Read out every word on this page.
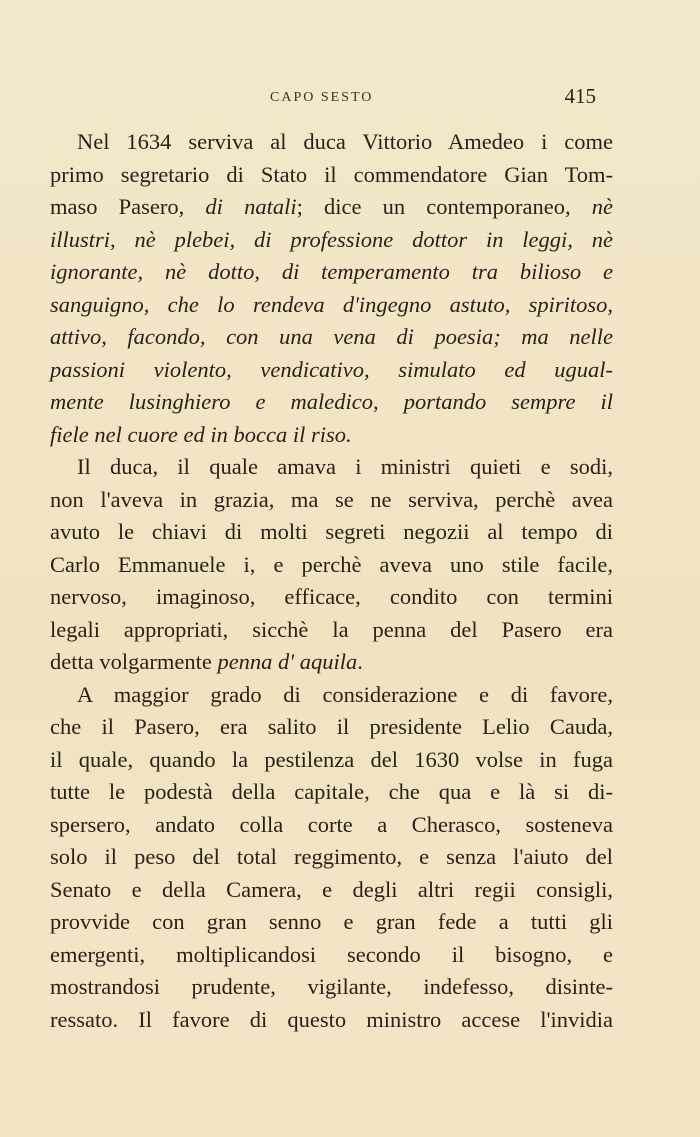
CAPO SESTO	415
Nel 1634 serviva al duca Vittorio Amedeo i come
primo segretario di Stato il commendatore Gian Tom-
maso Pasero, di natali; dice un contemporaneo, nè
illustri, nè plebei, di professione dottor in leggi, nè
ignorante, nè dotto, di temperamento tra bilioso e
sanguigno, che lo rendeva d'ingegno astuto, spiritoso,
attivo, facondo, con una vena di poesia; ma nelle
passioni violento, vendicativo, simulato ed ugual-
mente lusinghiero e maledico, portando sempre il
fiele nel cuore ed in bocca il riso.
Il duca, il quale amava i ministri quieti e sodi,
non l'aveva in grazia, ma se ne serviva, perchè avea
avuto le chiavi di molti segreti negozii al tempo di
Carlo Emmanuele i, e perchè aveva uno stile facile,
nervoso, imaginoso, efficace, condito con termini
legali appropriati, sicchè la penna del Pasero era
detta volgarmente penna d' aquila.
A maggior grado di considerazione e di favore,
che il Pasero, era salito il presidente Lelio Cauda,
il quale, quando la pestilenza del 1630 volse in fuga
tutte le podestà della capitale, che qua e là si di-
spersero, andato colla corte a Cherasco, sosteneva
solo il peso del total reggimento, e senza l'aiuto del
Senato e della Camera, e degli altri regii consigli,
provvide con gran senno e gran fede a tutti gli
emergenti, moltiplicandosi secondo il bisogno, e
mostrandosi prudente, vigilante, indefesso, disinte-
ressato. Il favore di questo ministro accese l'invidia
